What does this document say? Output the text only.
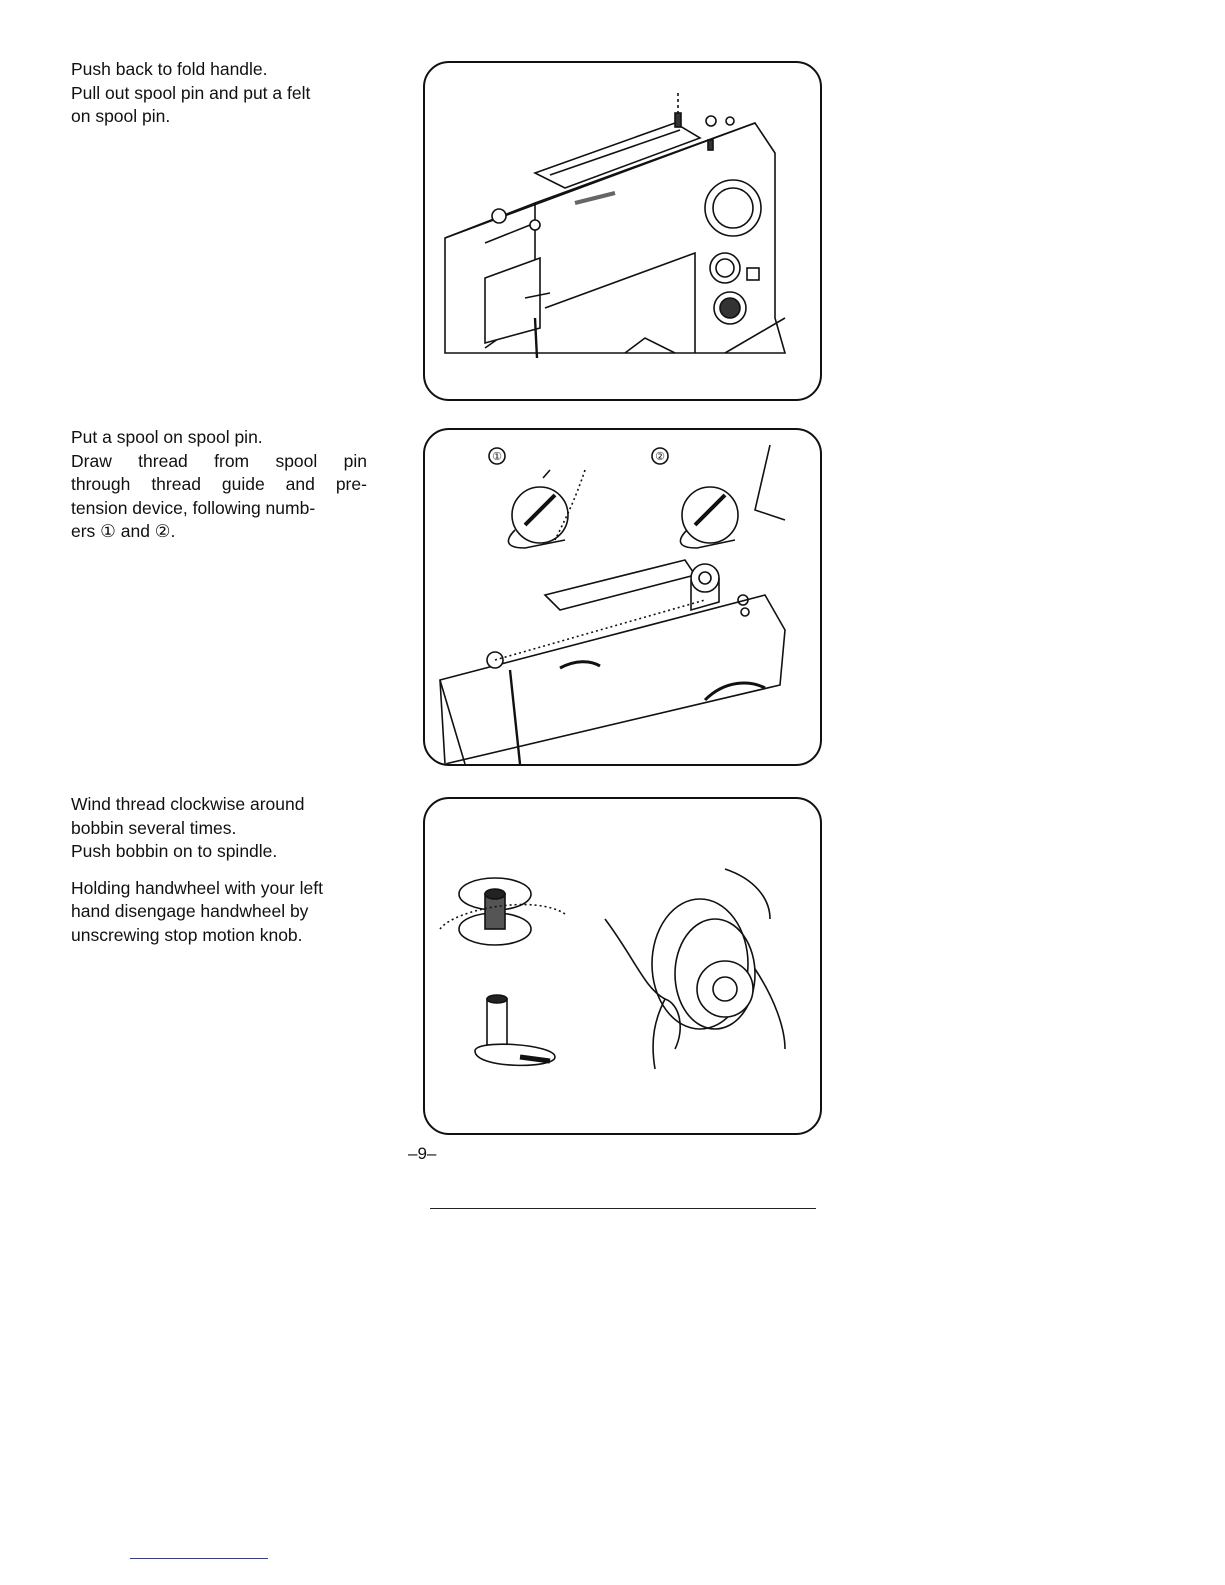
Push back to fold handle.
Pull out spool pin and put a felt
on spool pin.
Put a spool on spool pin.
Draw thread from spool pin
through thread guide and pre-
tension device, following numb-
ers ① and ②.
Wind thread clockwise around
bobbin several times.
Push bobbin on to spindle.
Holding handwheel with your left
hand disengage handwheel by
unscrewing stop motion knob.
①	②
–9–
